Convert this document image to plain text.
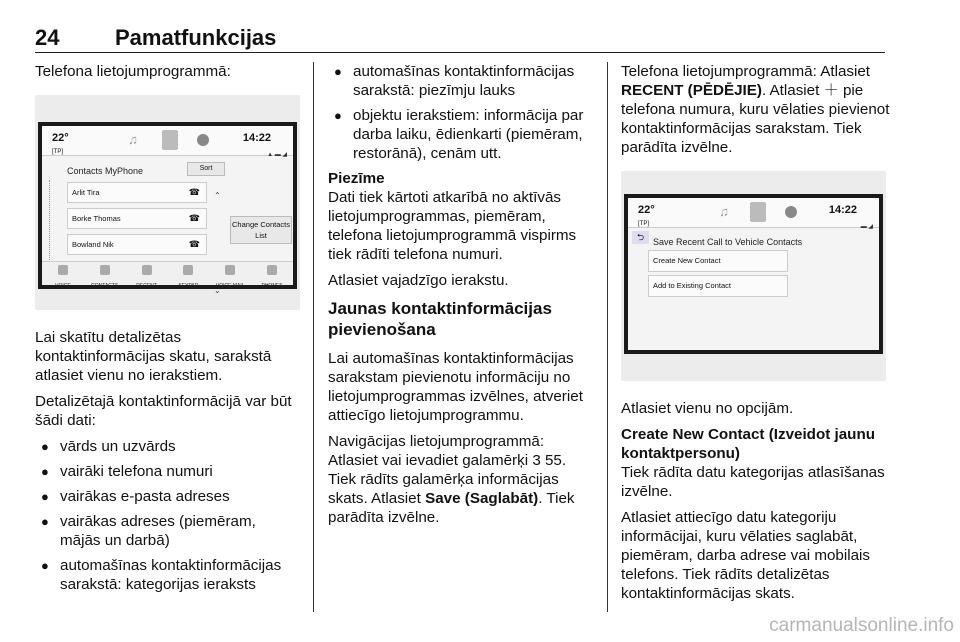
24	Pamatfunkcijas

Telefona lietojumprogrammā:

22°
[TP]
♫	14:22
▲ ▬ ◢
Contacts MyPhone	Sort
Arlit Tira	☎
Borke Thomas	☎
Bowland Nik	☎
⌃

⌄
Change Contacts List
VOICE	CONTACTS	RECENT	KEYPAD	VOICE MAIL	PHONES

Lai skatītu detalizētas kontaktinformācijas skatu, sarakstā atlasiet vienu no ierakstiem.

Detalizētajā kontaktinformācijā var būt šādi dati:

● vārds un uzvārds
● vairāki telefona numuri
● vairākas e-pasta adreses
● vairākas adreses (piemēram, mājās un darbā)
● automašīnas kontaktinformācijas sarakstā: kategorijas ieraksts
● automašīnas kontaktinformācijas sarakstā: piezīmju lauks
● objektu ierakstiem: informācija par darba laiku, ēdienkarti (piemēram, restorānā), cenām utt.

Piezīme
Dati tiek kārtoti atkarībā no aktīvās lietojumprogrammas, piemēram, telefona lietojumprogrammā vispirms tiek rādīti telefona numuri.

Atlasiet vajadzīgo ierakstu.

Jaunas kontaktinformācijas pievienošana

Lai automašīnas kontaktinformācijas sarakstam pievienotu informāciju no lietojumprogrammas izvēlnes, atveriet attiecīgo lietojumprogrammu.

Navigācijas lietojumprogrammā: Atlasiet vai ievadiet galamērķi 3 55. Tiek rādīts galamērķa informācijas skats. Atlasiet Save (Saglabāt). Tiek parādīta izvēlne.

Telefona lietojumprogrammā: Atlasiet RECENT (PĒDĒJIE). Atlasiet ＋ pie telefona numura, kuru vēlaties pievienot kontaktinformācijas sarakstam. Tiek parādīta izvēlne.

22°
[TP]
♫	14:22
▬ ◢
⮌ Save Recent Call to Vehicle Contacts
Create New Contact
Add to Existing Contact

Atlasiet vienu no opcijām.

Create New Contact (Izveidot jaunu kontaktpersonu)
Tiek rādīta datu kategorijas atlasīšanas izvēlne.

Atlasiet attiecīgo datu kategoriju informācijai, kuru vēlaties saglabāt, piemēram, darba adrese vai mobilais telefons. Tiek rādīts detalizētas kontaktinformācijas skats.

carmanualsonline.info
